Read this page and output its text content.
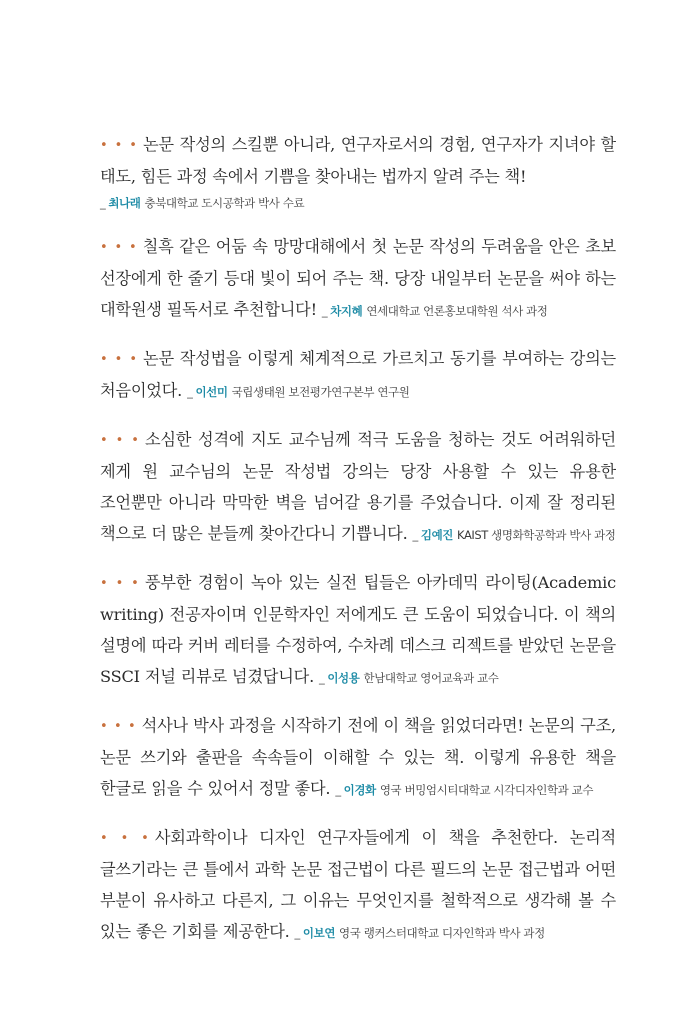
• • • 논문 작성의 스킬뿐 아니라, 연구자로서의 경험, 연구자가 지녀야 할 태도, 힘든 과정 속에서 기쁨을 찾아내는 법까지 알려 주는 책!
_ 최나래 충북대학교 도시공학과 박사 수료
• • • 칠흑 같은 어둠 속 망망대해에서 첫 논문 작성의 두려움을 안은 초보 선장에게 한 줄기 등대 빛이 되어 주는 책. 당장 내일부터 논문을 써야 하는 대학원생 필독서로 추천합니다! _ 차지혜 연세대학교 언론홍보대학원 석사 과정
• • • 논문 작성법을 이렇게 체계적으로 가르치고 동기를 부여하는 강의는 처음이었다. _ 이선미 국립생태원 보전평가연구본부 연구원
• • • 소심한 성격에 지도 교수님께 적극 도움을 청하는 것도 어려워하던 제게 원 교수님의 논문 작성법 강의는 당장 사용할 수 있는 유용한 조언뿐만 아니라 막막한 벽을 넘어갈 용기를 주었습니다. 이제 잘 정리된 책으로 더 많은 분들께 찾아간다니 기쁩니다. _ 김예진 KAIST 생명화학공학과 박사 과정
• • • 풍부한 경험이 녹아 있는 실전 팁들은 아카데믹 라이팅(Academic writing) 전공자이며 인문학자인 저에게도 큰 도움이 되었습니다. 이 책의 설명에 따라 커버 레터를 수정하여, 수차례 데스크 리젝트를 받았던 논문을 SSCI 저널 리뷰로 넘겼답니다. _ 이성용 한남대학교 영어교육과 교수
• • • 석사나 박사 과정을 시작하기 전에 이 책을 읽었더라면! 논문의 구조, 논문 쓰기와 출판을 속속들이 이해할 수 있는 책. 이렇게 유용한 책을 한글로 읽을 수 있어서 정말 좋다. _ 이경화 영국 버밍엄시티대학교 시각디자인학과 교수
• • • 사회과학이나 디자인 연구자들에게 이 책을 추천한다. 논리적 글쓰기라는 큰 틀에서 과학 논문 접근법이 다른 필드의 논문 접근법과 어떤 부분이 유사하고 다른지, 그 이유는 무엇인지를 철학적으로 생각해 볼 수 있는 좋은 기회를 제공한다. _ 이보연 영국 랭커스터대학교 디자인학과 박사 과정
